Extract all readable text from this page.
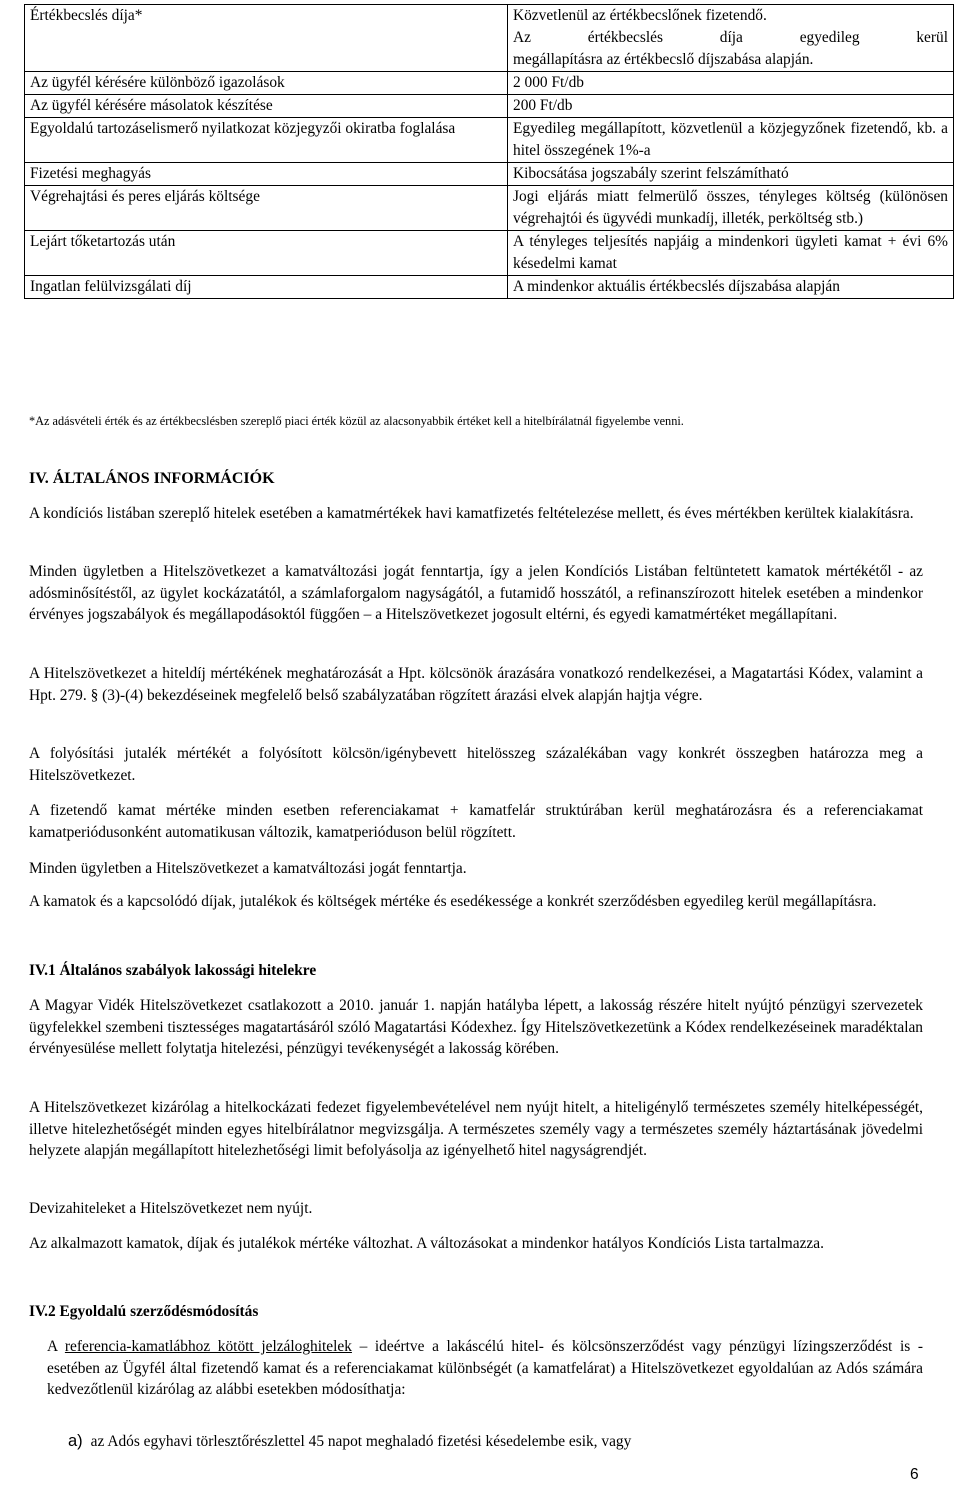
Értékbecslés díja*	Közvetlenül az értékbecslőnek fizetendő.
Az értékbecslés díja egyedileg kerül
megállapításra az értékbecslő díjszabása alapján.

Az ügyfél kérésére különböző igazolások	2 000 Ft/db
Az ügyfél kérésére másolatok készítése	200 Ft/db
Egyoldalú tartozáselismerő nyilatkozat közjegyzői okiratba foglalása	Egyedileg megállapított, közvetlenül a közjegyzőnek fizetendő, kb. a hitel összegének 1%-a
Fizetési meghagyás	Kibocsátása jogszabály szerint felszámítható
Végrehajtási és peres eljárás költsége	Jogi eljárás miatt felmerülő összes, tényleges költség (különösen végrehajtói és ügyvédi munkadíj, illeték, perköltség stb.)
Lejárt tőketartozás után	A tényleges teljesítés napjáig a mindenkori ügyleti kamat + évi 6% késedelmi kamat
Ingatlan felülvizsgálati díj	A mindenkor aktuális értékbecslés díjszabása alapján
*Az adásvételi érték és az értékbecslésben szereplő piaci érték közül az alacsonyabbik értéket kell a hitelbírálatnál figyelembe venni.
IV. ÁLTALÁNOS INFORMÁCIÓK
A kondíciós listában szereplő hitelek esetében a kamatmértékek havi kamatfizetés feltételezése mellett, és éves mértékben kerültek kialakításra.
Minden ügyletben a Hitelszövetkezet a kamatváltozási jogát fenntartja, így a jelen Kondíciós Listában feltüntetett kamatok mértékétől - az adósminősítéstől, az ügylet kockázatától, a számlaforgalom nagyságától, a futamidő hosszától, a refinanszírozott hitelek esetében a mindenkor érvényes jogszabályok és megállapodásoktól függően – a Hitelszövetkezet jogosult eltérni, és egyedi kamatmértéket megállapítani.
A Hitelszövetkezet a hiteldíj mértékének meghatározását a Hpt. kölcsönök árazására vonatkozó rendelkezései, a Magatartási Kódex, valamint a Hpt. 279. § (3)-(4) bekezdéseinek megfelelő belső szabályzatában rögzített árazási elvek alapján hajtja végre.
A folyósítási jutalék mértékét a folyósított kölcsön/igénybevett hitelösszeg százalékában vagy konkrét összegben határozza meg a Hitelszövetkezet.
A fizetendő kamat mértéke minden esetben referenciakamat + kamatfelár struktúrában kerül meghatározásra és a referenciakamat kamatperiódusonként automatikusan változik, kamatperióduson belül rögzített.
Minden ügyletben a Hitelszövetkezet a kamatváltozási jogát fenntartja.
A kamatok és a kapcsolódó díjak, jutalékok és költségek mértéke és esedékessége a konkrét szerződésben egyedileg kerül megállapításra.
IV.1 Általános szabályok lakossági hitelekre
A Magyar Vidék Hitelszövetkezet csatlakozott a 2010. január 1. napján hatályba lépett, a lakosság részére hitelt nyújtó pénzügyi szervezetek ügyfelekkel szembeni tisztességes magatartásáról szóló Magatartási Kódexhez. Így Hitelszövetkezetünk a Kódex rendelkezéseinek maradéktalan érvényesülése mellett folytatja hitelezési, pénzügyi tevékenységét a lakosság körében.
A Hitelszövetkezet kizárólag a hitelkockázati fedezet figyelembevételével nem nyújt hitelt, a hiteligénylő természetes személy hitelképességét, illetve hitelezhetőségét minden egyes hitelbírálatnor megvizsgálja. A természetes személy vagy a természetes személy háztartásának jövedelmi helyzete alapján megállapított hitelezhetőségi limit befolyásolja az igényelhető hitel nagyságrendjét.
Devizahiteleket a Hitelszövetkezet nem nyújt.
Az alkalmazott kamatok, díjak és jutalékok mértéke változhat. A változásokat a mindenkor hatályos Kondíciós Lista tartalmazza.
IV.2 Egyoldalú szerződésmódosítás
A referencia-kamatlábhoz kötött jelzáloghitelek – ideértve a lakáscélú hitel- és kölcsönszerződést vagy pénzügyi lízingszerződést is - esetében az Ügyfél által fizetendő kamat és a referenciakamat különbségét (a kamatfelárat) a Hitelszövetkezet egyoldalúan az Adós számára kedvezőtlenül kizárólag az alábbi esetekben módosíthatja:
a) az Adós egyhavi törlesztőrészlettel 45 napot meghaladó fizetési késedelembe esik, vagy
6
